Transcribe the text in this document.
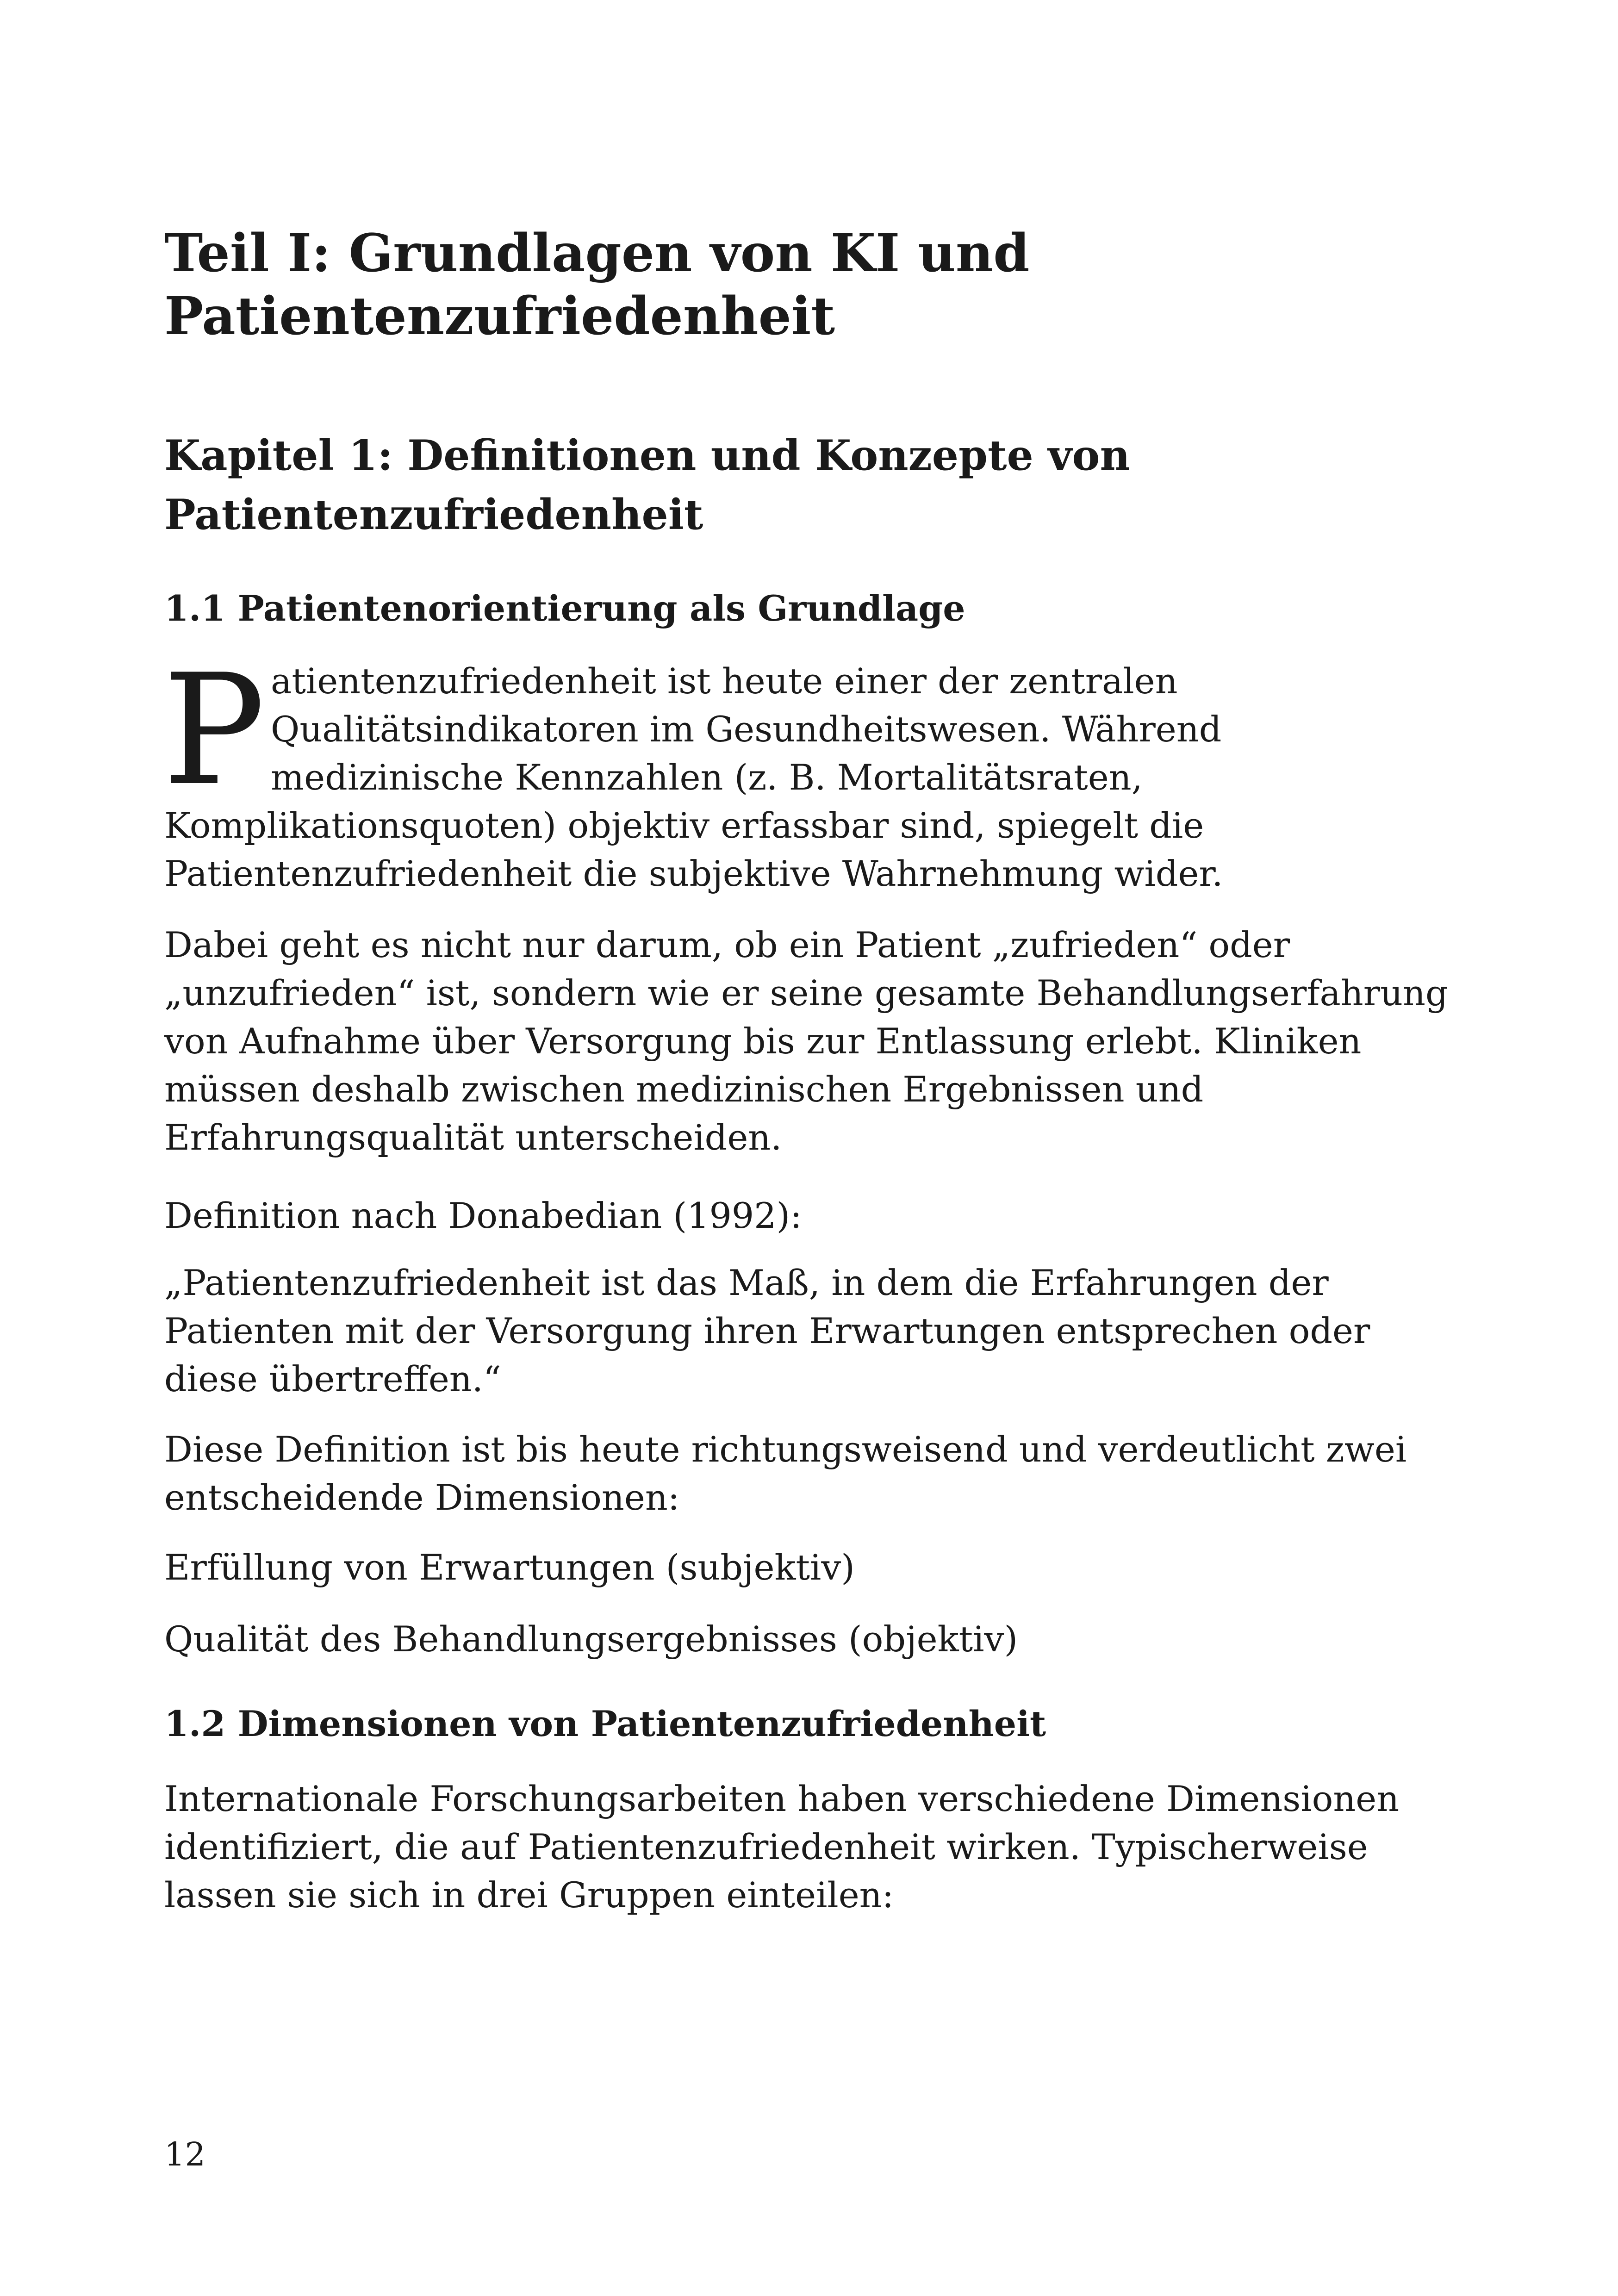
Teil I: Grundlagen von KI und
Patientenzufriedenheit
Kapitel 1: Definitionen und Konzepte von
Patientenzufriedenheit
1.1 Patientenorientierung als Grundlage

Patientenzufriedenheit ist heute einer der zentralen Qualitätsindikatoren im Gesundheitswesen. Während medizinische Kennzahlen (z. B. Mortalitätsraten, Komplikationsquoten) objektiv erfassbar sind, spiegelt die Patientenzufriedenheit die subjektive Wahrnehmung wider.

Dabei geht es nicht nur darum, ob ein Patient „zufrieden“ oder „unzufrieden“ ist, sondern wie er seine gesamte Behandlungserfahrung von Aufnahme über Versorgung bis zur Entlassung erlebt. Kliniken müssen deshalb zwischen medizinischen Ergebnissen und Erfahrungsqualität unterscheiden.

Definition nach Donabedian (1992):

„Patientenzufriedenheit ist das Maß, in dem die Erfahrungen der Patienten mit der Versorgung ihren Erwartungen entsprechen oder diese übertreffen.“

Diese Definition ist bis heute richtungsweisend und verdeutlicht zwei entscheidende Dimensionen:

Erfüllung von Erwartungen (subjektiv)

Qualität des Behandlungsergebnisses (objektiv)

1.2 Dimensionen von Patientenzufriedenheit

Internationale Forschungsarbeiten haben verschiedene Dimensionen identifiziert, die auf Patientenzufriedenheit wirken. Typischerweise lassen sie sich in drei Gruppen einteilen:

12
